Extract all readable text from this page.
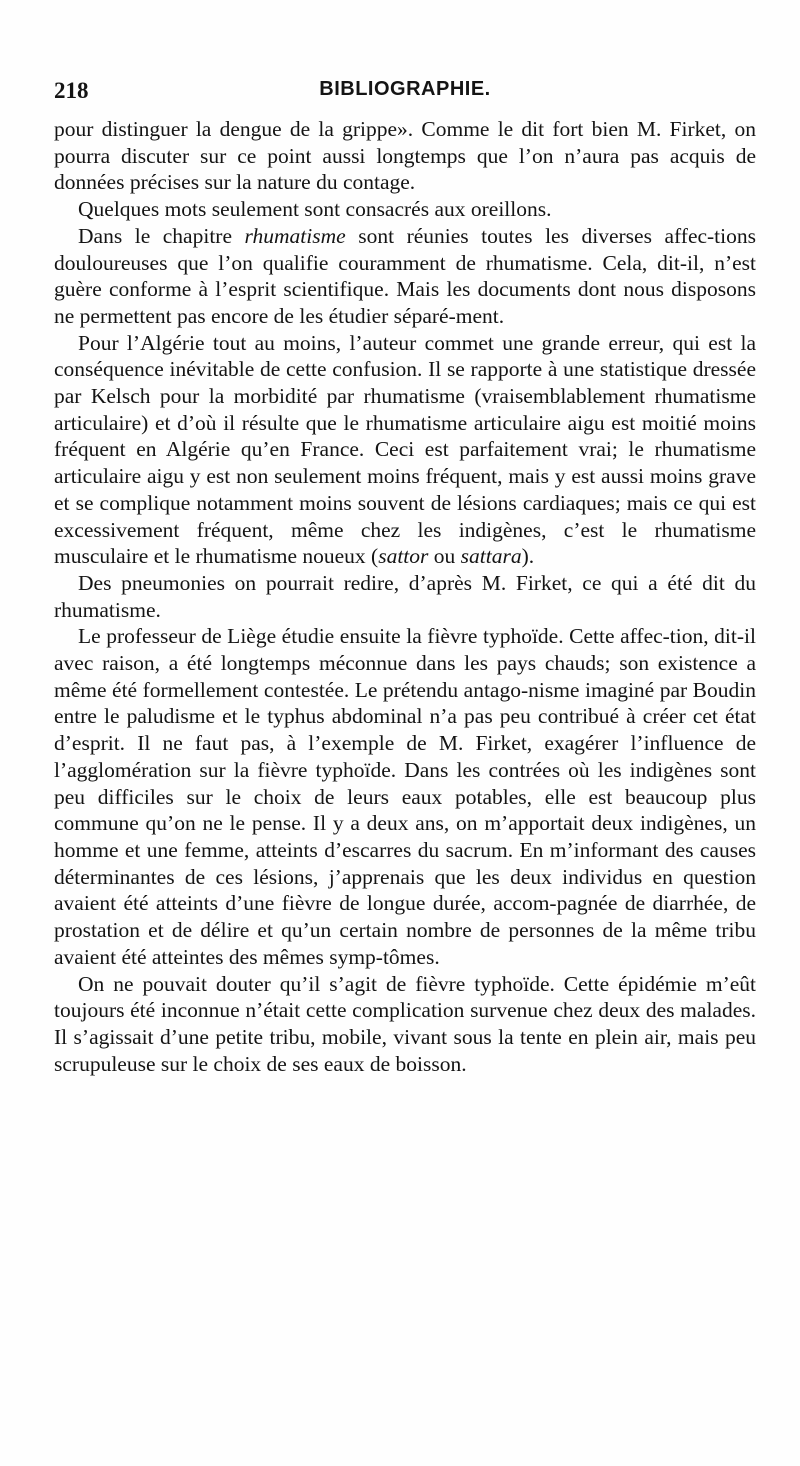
218	BIBLIOGRAPHIE.

pour distinguer la dengue de la grippe». Comme le dit fort bien M. Firket, on pourra discuter sur ce point aussi longtemps que l’on n’aura pas acquis de données précises sur la nature du contage.

Quelques mots seulement sont consacrés aux oreillons.

Dans le chapitre rhumatisme sont réunies toutes les diverses affec-tions douloureuses que l’on qualifie couramment de rhumatisme. Cela, dit-il, n’est guère conforme à l’esprit scientifique. Mais les documents dont nous disposons ne permettent pas encore de les étudier séparé-ment.

Pour l’Algérie tout au moins, l’auteur commet une grande erreur, qui est la conséquence inévitable de cette confusion. Il se rapporte à une statistique dressée par Kelsch pour la morbidité par rhumatisme (vraisemblablement rhumatisme articulaire) et d’où il résulte que le rhumatisme articulaire aigu est moitié moins fréquent en Algérie qu’en France. Ceci est parfaitement vrai; le rhumatisme articulaire aigu y est non seulement moins fréquent, mais y est aussi moins grave et se complique notamment moins souvent de lésions cardiaques; mais ce qui est excessivement fréquent, même chez les indigènes, c’est le rhumatisme musculaire et le rhumatisme noueux (sattor ou sattara).

Des pneumonies on pourrait redire, d’après M. Firket, ce qui a été dit du rhumatisme.

Le professeur de Liège étudie ensuite la fièvre typhoïde. Cette affec-tion, dit-il avec raison, a été longtemps méconnue dans les pays chauds; son existence a même été formellement contestée. Le prétendu antago-nisme imaginé par Boudin entre le paludisme et le typhus abdominal n’a pas peu contribué à créer cet état d’esprit. Il ne faut pas, à l’exemple de M. Firket, exagérer l’influence de l’agglomération sur la fièvre typhoïde. Dans les contrées où les indigènes sont peu difficiles sur le choix de leurs eaux potables, elle est beaucoup plus commune qu’on ne le pense. Il y a deux ans, on m’apportait deux indigènes, un homme et une femme, atteints d’escarres du sacrum. En m’informant des causes déterminantes de ces lésions, j’apprenais que les deux individus en question avaient été atteints d’une fièvre de longue durée, accom-pagnée de diarrhée, de prostation et de délire et qu’un certain nombre de personnes de la même tribu avaient été atteintes des mêmes symp-tômes.

On ne pouvait douter qu’il s’agit de fièvre typhoïde. Cette épidémie m’eût toujours été inconnue n’était cette complication survenue chez deux des malades. Il s’agissait d’une petite tribu, mobile, vivant sous la tente en plein air, mais peu scrupuleuse sur le choix de ses eaux de boisson.
